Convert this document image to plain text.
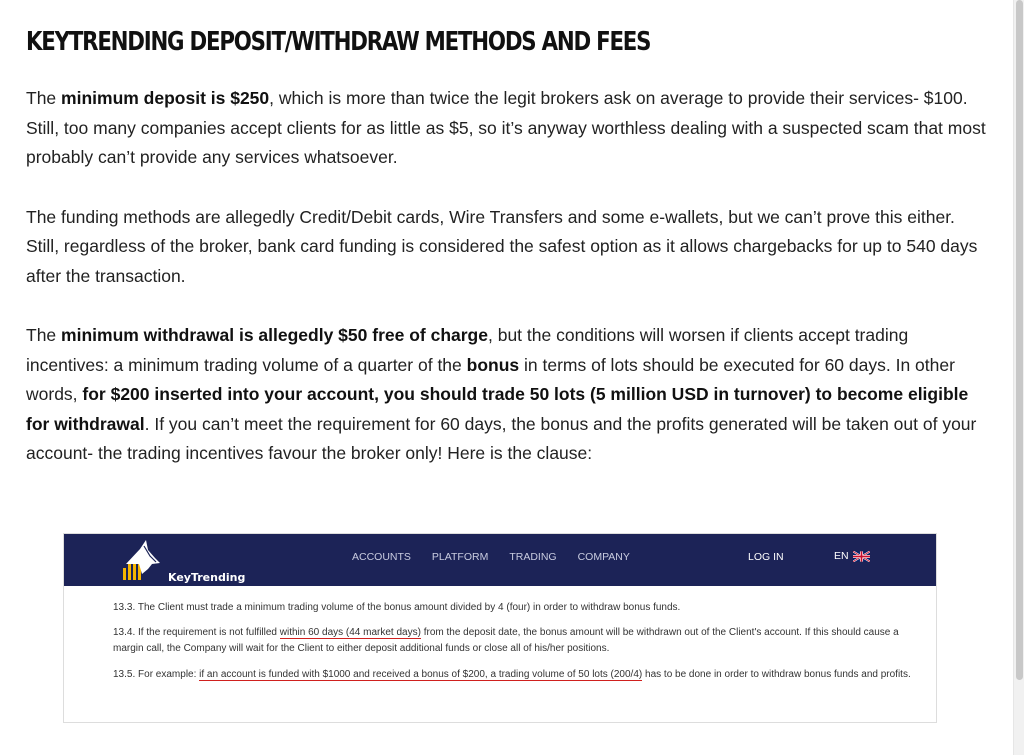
KEYTRENDING DEPOSIT/WITHDRAW METHODS AND FEES

The minimum deposit is $250, which is more than twice the legit brokers ask on average to provide their services- $100. Still, too many companies accept clients for as little as $5, so it’s anyway worthless dealing with a suspected scam that most probably can’t provide any services whatsoever.

The funding methods are allegedly Credit/Debit cards, Wire Transfers and some e-wallets, but we can’t prove this either. Still, regardless of the broker, bank card funding is considered the safest option as it allows chargebacks for up to 540 days after the transaction.

The minimum withdrawal is allegedly $50 free of charge, but the conditions will worsen if clients accept trading incentives: a minimum trading volume of a quarter of the bonus in terms of lots should be executed for 60 days. In other words, for $200 inserted into your account, you should trade 50 lots (5 million USD in turnover) to become eligible for withdrawal. If you can’t meet the requirement for 60 days, the bonus and the profits generated will be taken out of your account- the trading incentives favour the broker only! Here is the clause:

KeyTrending
ACCOUNTS PLATFORM TRADING COMPANY	LOG IN	EN
13.3. The Client must trade a minimum trading volume of the bonus amount divided by 4 (four) in order to withdraw bonus funds.
13.4. If the requirement is not fulfilled within 60 days (44 market days) from the deposit date, the bonus amount will be withdrawn out of the Client's account. If this should cause a margin call, the Company will wait for the Client to either deposit additional funds or close all of his/her positions.
13.5. For example: if an account is funded with $1000 and received a bonus of $200, a trading volume of 50 lots (200/4) has to be done in order to withdraw bonus funds and profits.
